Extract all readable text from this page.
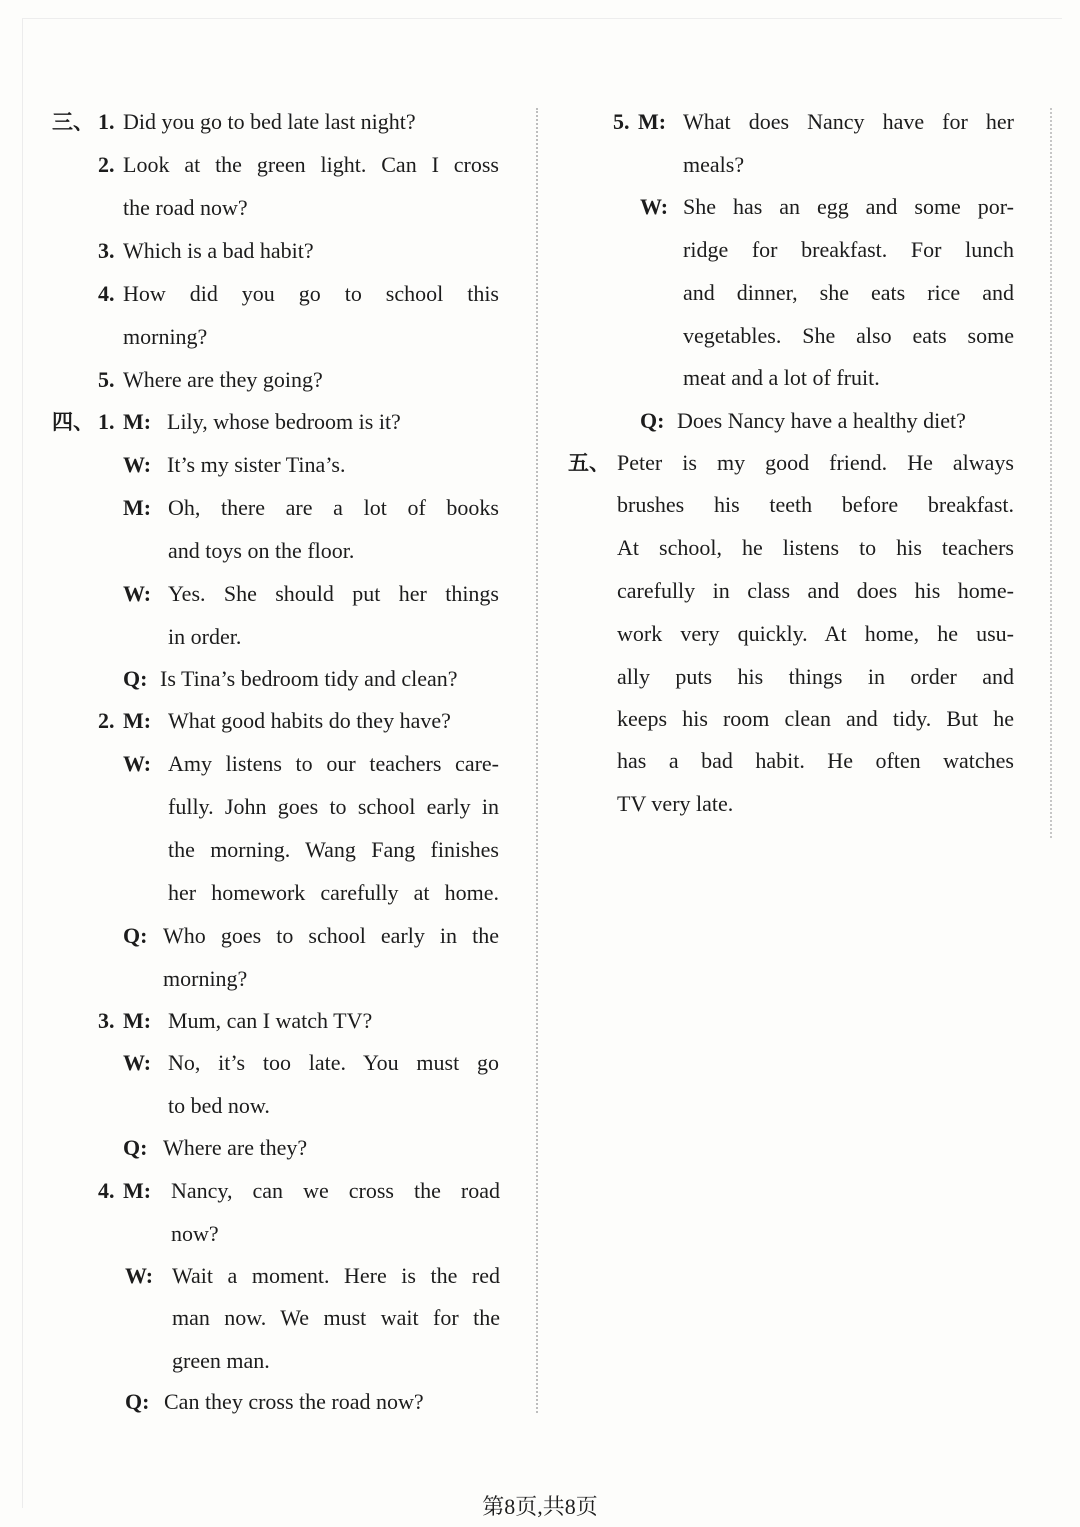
三、 1. Did you go to bed late last night?
2. Look at the green light. Can I cross
the road now?
3. Which is a bad habit?
4. How did you go to school this
morning?
5. Where are they going?
四、 1. M: Lily, whose bedroom is it?
W: It’s my sister Tina’s.
M: Oh, there are a lot of books
and toys on the floor.
W: Yes. She should put her things
in order.
Q: Is Tina’s bedroom tidy and clean?
2. M: What good habits do they have?
W: Amy listens to our teachers care-
fully. John goes to school early in
the morning. Wang Fang finishes
her homework carefully at home.
Q: Who goes to school early in the
morning?
3. M: Mum, can I watch TV?
W: No, it’s too late. You must go
to bed now.
Q: Where are they?
4. M: Nancy, can we cross the road
now?
W: Wait a moment. Here is the red
man now. We must wait for the
green man.
Q: Can they cross the road now?
5. M: What does Nancy have for her
meals?
W: She has an egg and some por-
ridge for breakfast. For lunch
and dinner, she eats rice and
vegetables. She also eats some
meat and a lot of fruit.
Q: Does Nancy have a healthy diet?
五、 Peter is my good friend. He always
brushes his teeth before breakfast.
At school, he listens to his teachers
carefully in class and does his home-
work very quickly. At home, he usu-
ally puts his things in order and
keeps his room clean and tidy. But he
has a bad habit. He often watches
TV very late.
第8页,共8页
